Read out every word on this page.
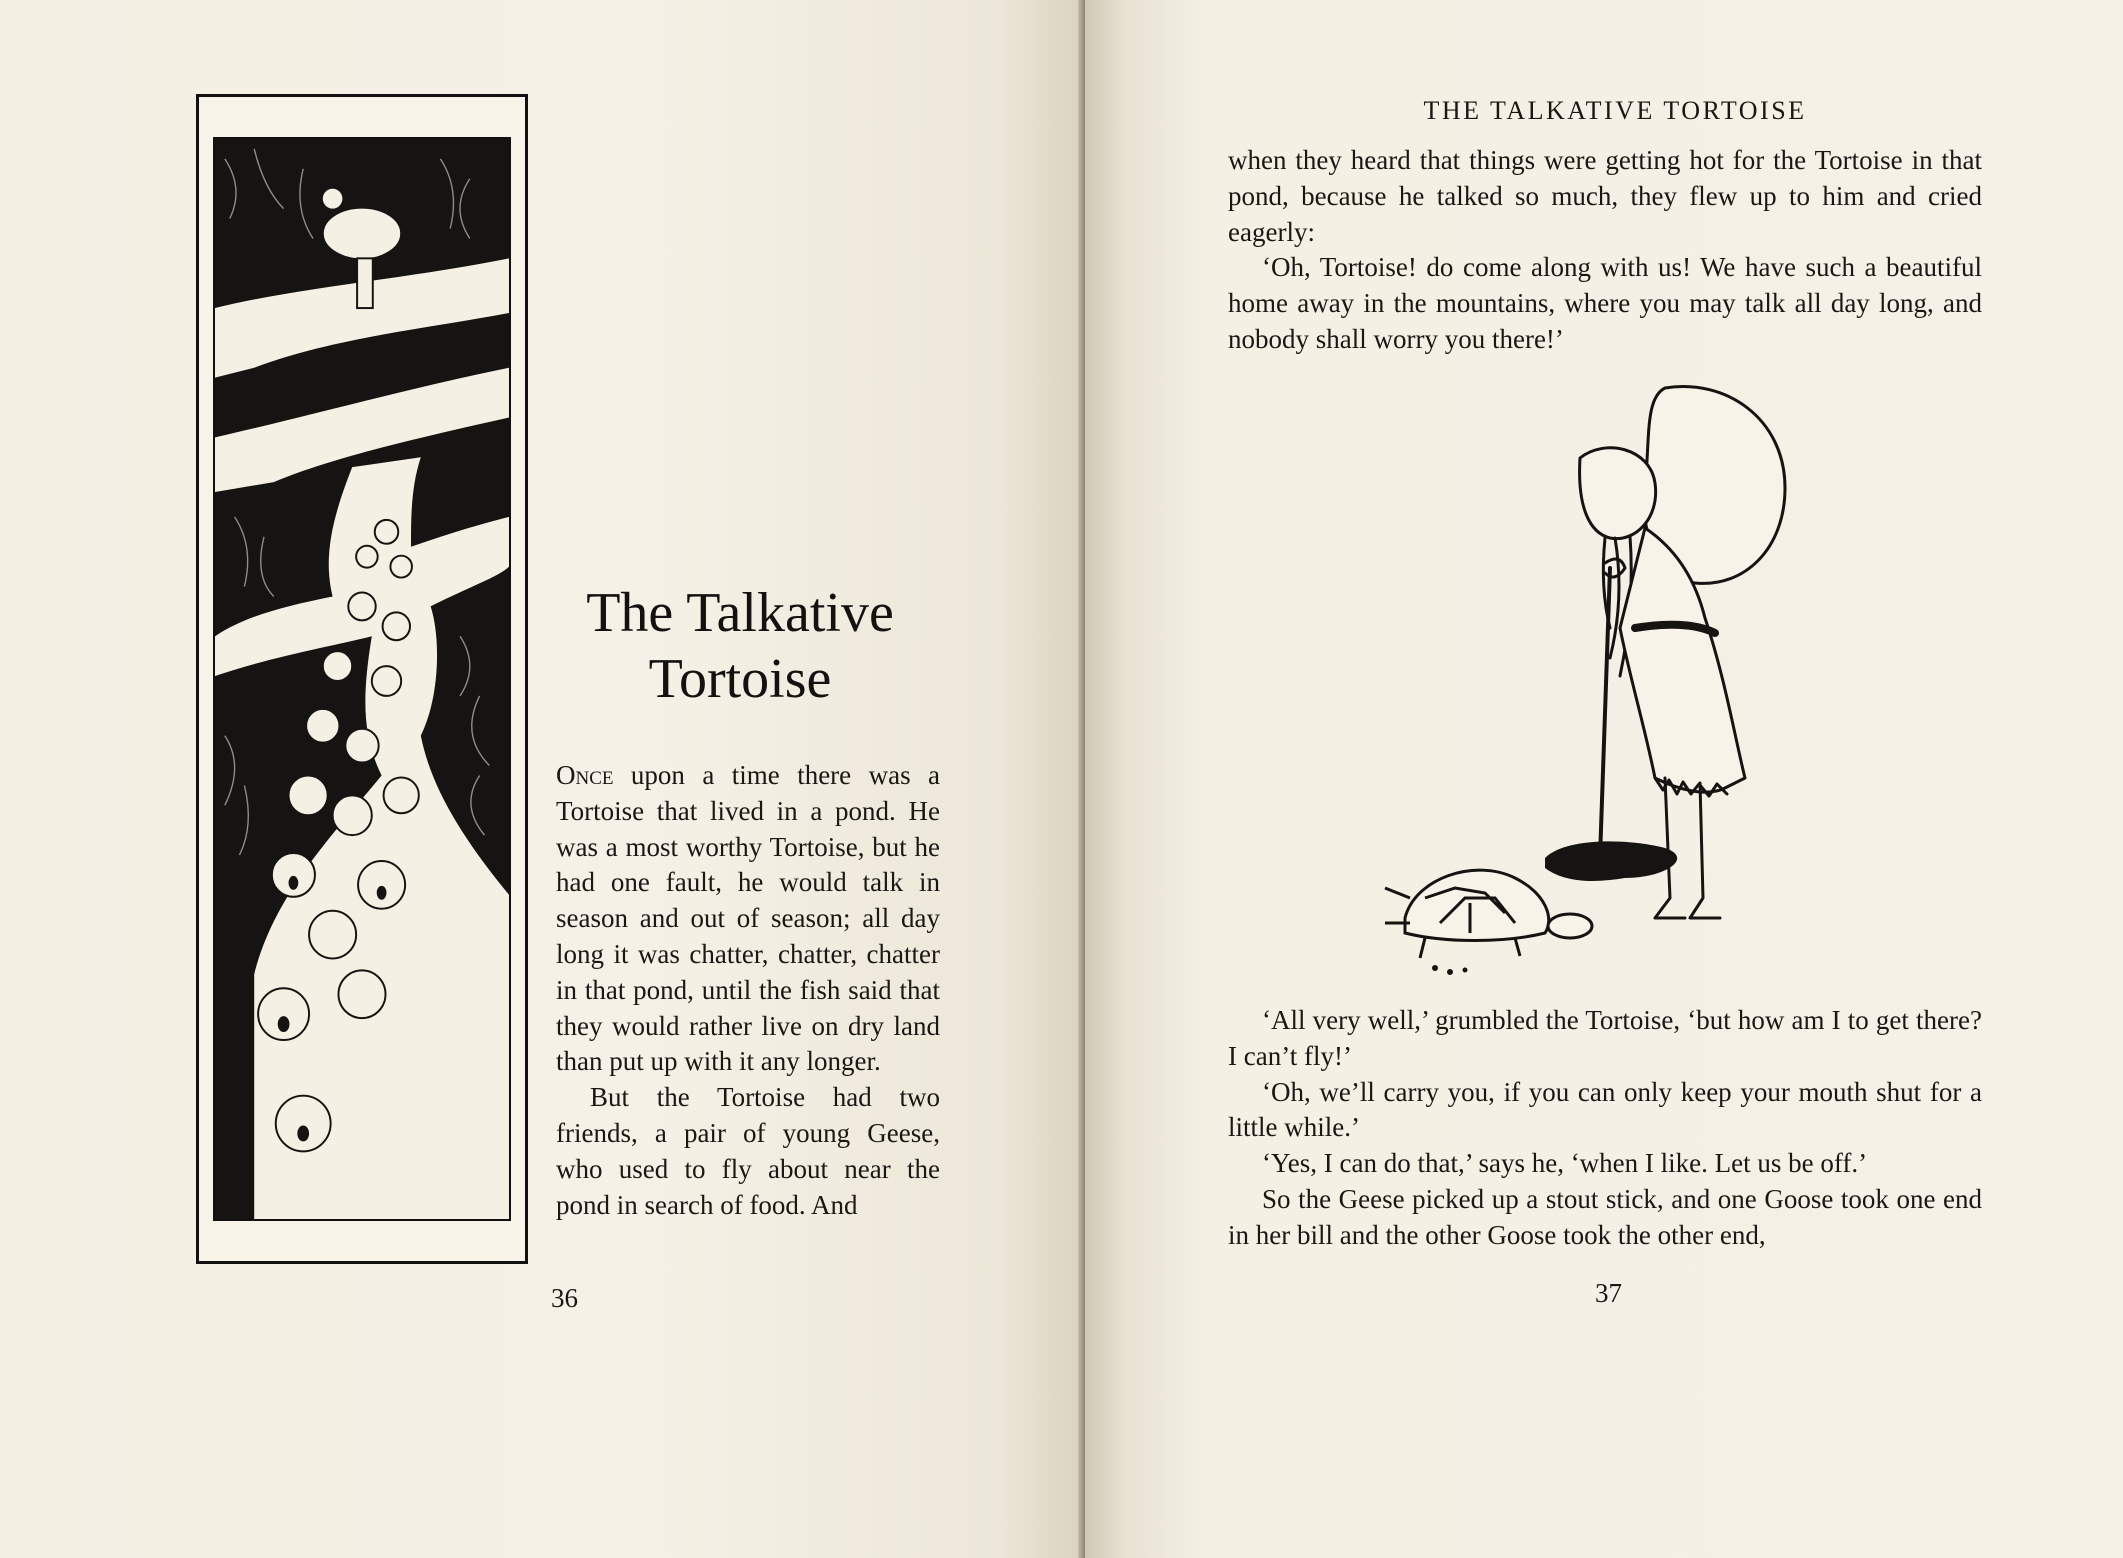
The Talkative
Tortoise

Once upon a time there was a Tortoise that lived in a pond. He was a most worthy Tortoise, but he had one fault, he would talk in season and out of season; all day long it was chatter, chatter, chatter in that pond, until the fish said that they would rather live on dry land than put up with it any longer.

But the Tortoise had two friends, a pair of young Geese, who used to fly about near the pond in search of food. And

36
THE TALKATIVE TORTOISE

when they heard that things were getting hot for the Tortoise in that pond, because he talked so much, they flew up to him and cried eagerly:

‘Oh, Tortoise! do come along with us! We have such a beautiful home away in the mountains, where you may talk all day long, and nobody shall worry you there!’

‘All very well,’ grumbled the Tortoise, ‘but how am I to get there? I can’t fly!’

‘Oh, we’ll carry you, if you can only keep your mouth shut for a little while.’

‘Yes, I can do that,’ says he, ‘when I like. Let us be off.’

So the Geese picked up a stout stick, and one Goose took one end in her bill and the other Goose took the other end,

37
